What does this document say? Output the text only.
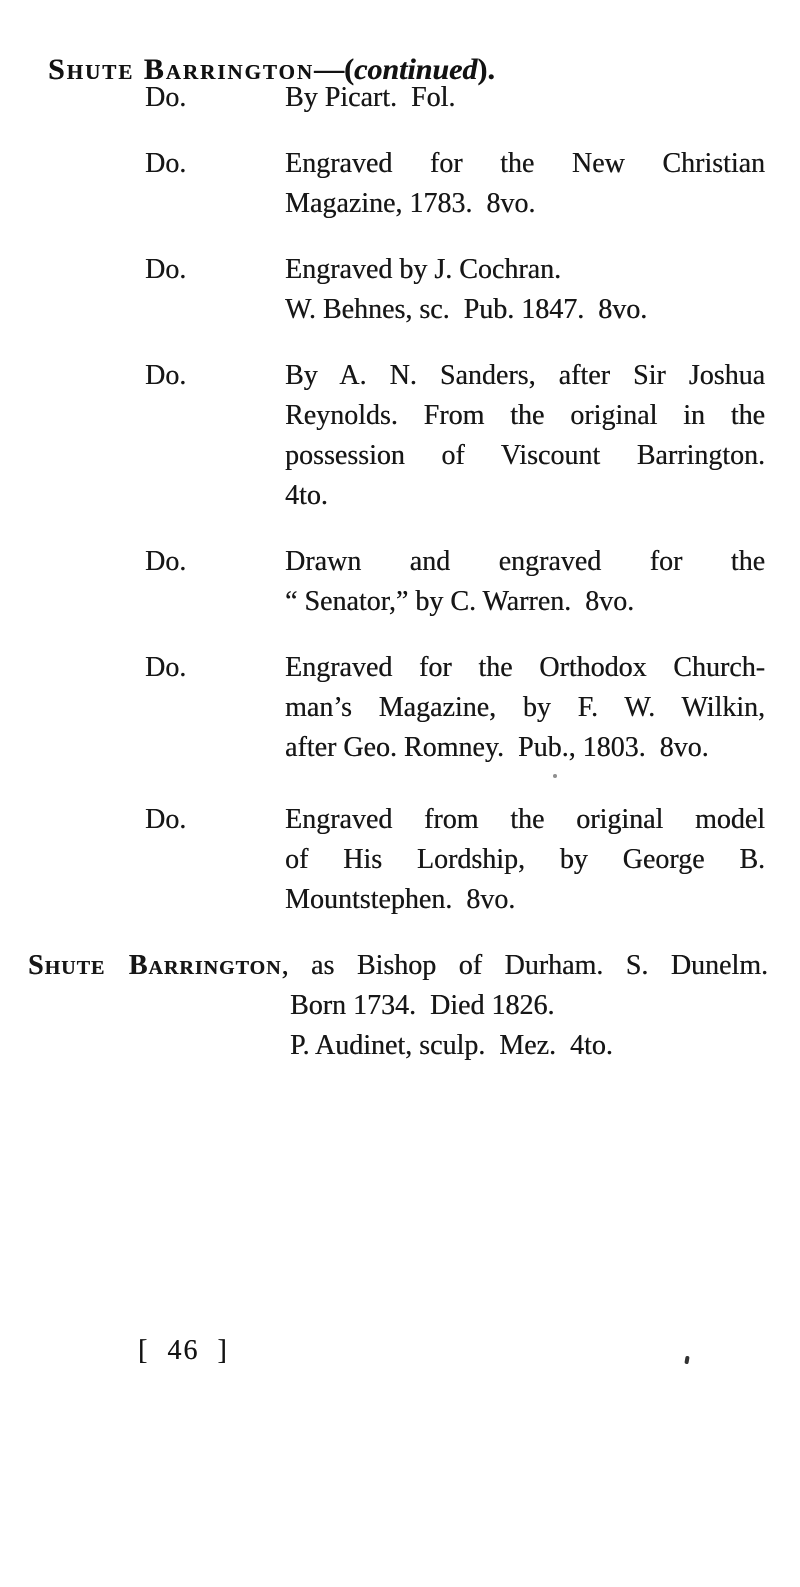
Shute Barrington—(continued).

Do.	By Picart.  Fol.
Do.	Engraved for the New Christian
Magazine, 1783.  8vo.
Do.	Engraved by J. Cochran.
W. Behnes, sc.  Pub. 1847.  8vo.
Do.	By A. N. Sanders, after Sir Joshua
Reynolds. From the original in the
possession of Viscount Barrington.
4to.
Do.	Drawn and engraved for the
“ Senator,” by C. Warren.  8vo.
Do.	Engraved for the Orthodox Church-
man’s Magazine, by F. W. Wilkin,
after Geo. Romney.  Pub., 1803.  8vo.
Do.	Engraved from the original model
of His Lordship, by George B.
Mountstephen.  8vo.
Shute Barrington, as Bishop of Durham. S. Dunelm.
Born 1734.  Died 1826.
P. Audinet, sculp.  Mez.  4to.
[ 46 ]
